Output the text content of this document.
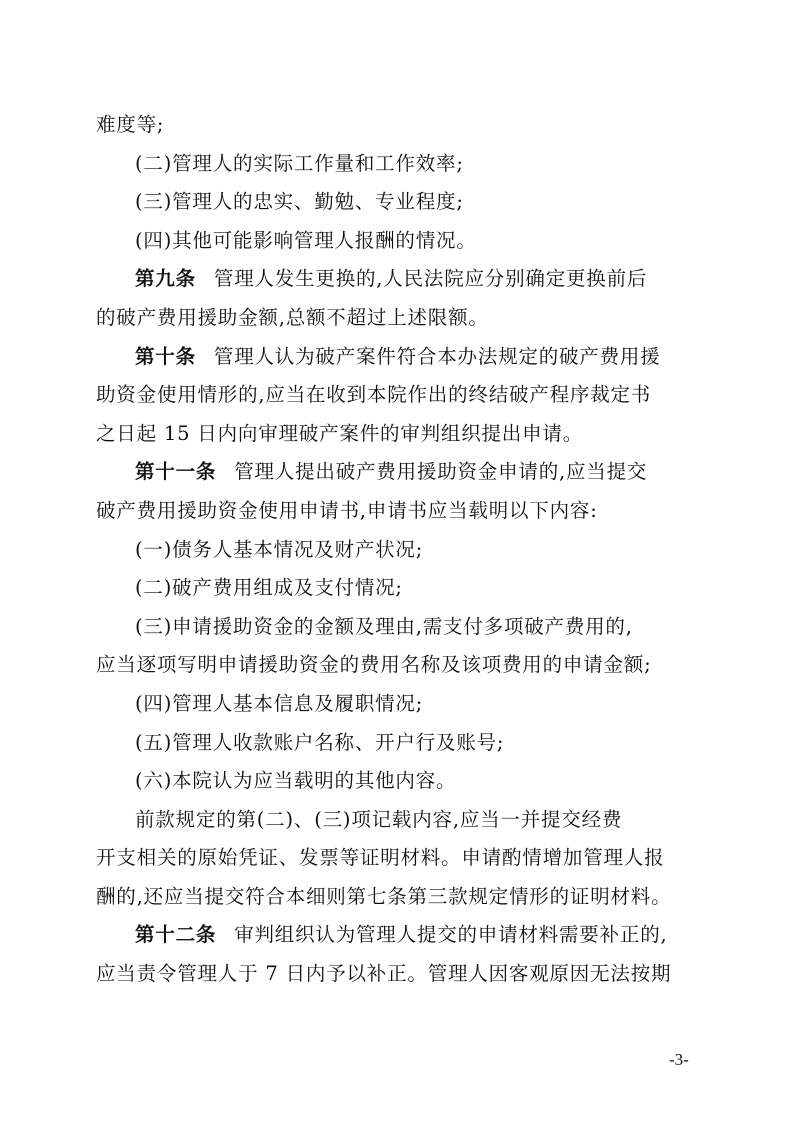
难度等;
(二)管理人的实际工作量和工作效率;
(三)管理人的忠实、勤勉、专业程度;
(四)其他可能影响管理人报酬的情况。
第九条 管理人发生更换的,人民法院应分别确定更换前后
的破产费用援助金额,总额不超过上述限额。
第十条 管理人认为破产案件符合本办法规定的破产费用援
助资金使用情形的,应当在收到本院作出的终结破产程序裁定书
之日起 15 日内向审理破产案件的审判组织提出申请。
第十一条 管理人提出破产费用援助资金申请的,应当提交
破产费用援助资金使用申请书,申请书应当载明以下内容:
(一)债务人基本情况及财产状况;
(二)破产费用组成及支付情况;
(三)申请援助资金的金额及理由,需支付多项破产费用的,
应当逐项写明申请援助资金的费用名称及该项费用的申请金额;
(四)管理人基本信息及履职情况;
(五)管理人收款账户名称、开户行及账号;
(六)本院认为应当载明的其他内容。
前款规定的第(二)、(三)项记载内容,应当一并提交经费
开支相关的原始凭证、发票等证明材料。申请酌情增加管理人报
酬的,还应当提交符合本细则第七条第三款规定情形的证明材料。
第十二条 审判组织认为管理人提交的申请材料需要补正的,
应当责令管理人于 7 日内予以补正。管理人因客观原因无法按期
-3-
